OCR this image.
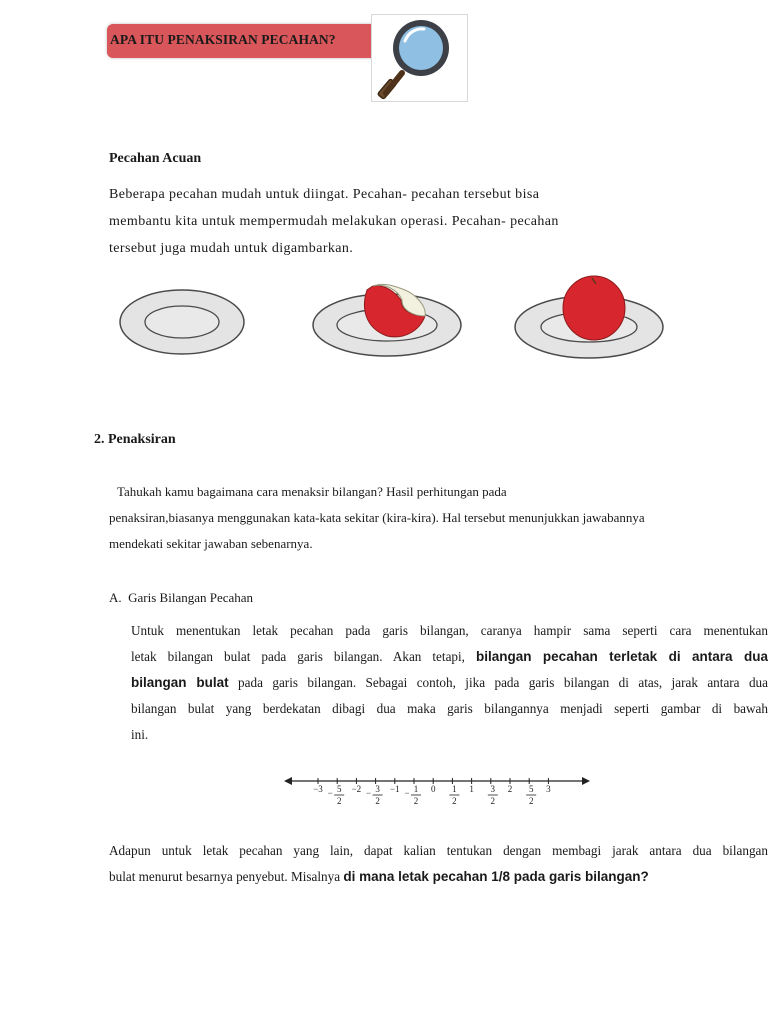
APA ITU PENAKSIRAN PECAHAN?
Pecahan Acuan

Beberapa pecahan mudah untuk diingat. Pecahan- pecahan tersebut bisa

membantu kita untuk mempermudah melakukan operasi. Pecahan- pecahan

tersebut juga mudah untuk digambarkan.

2. Penaksiran
Tahukah kamu bagaimana cara menaksir bilangan? Hasil perhitungan pada
penaksiran,biasanya menggunakan kata-kata sekitar (kira-kira). Hal tersebut menunjukkan jawabannya
mendekati sekitar jawaban sebenarnya.
A.  Garis Bilangan Pecahan

Untuk menentukan letak pecahan pada garis bilangan, caranya hampir sama seperti cara menentukan

letak bilangan bulat pada garis bilangan. Akan tetapi, bilangan pecahan terletak di antara dua

bilangan bulat pada garis bilangan. Sebagai contoh, jika pada garis bilangan di atas, jarak antara dua

bilangan bulat yang berdekatan dibagi dua maka garis bilangannya menjadi seperti gambar di bawah

ini.

−3	−2	−1	0	1	2	3
− 5
2
− 3
2
− 1
2
1
2
3
2
5
2

Adapun untuk letak pecahan yang lain, dapat kalian tentukan dengan membagi jarak antara dua bilangan

bulat menurut besarnya penyebut. Misalnya di mana letak pecahan 1/8 pada garis bilangan?
